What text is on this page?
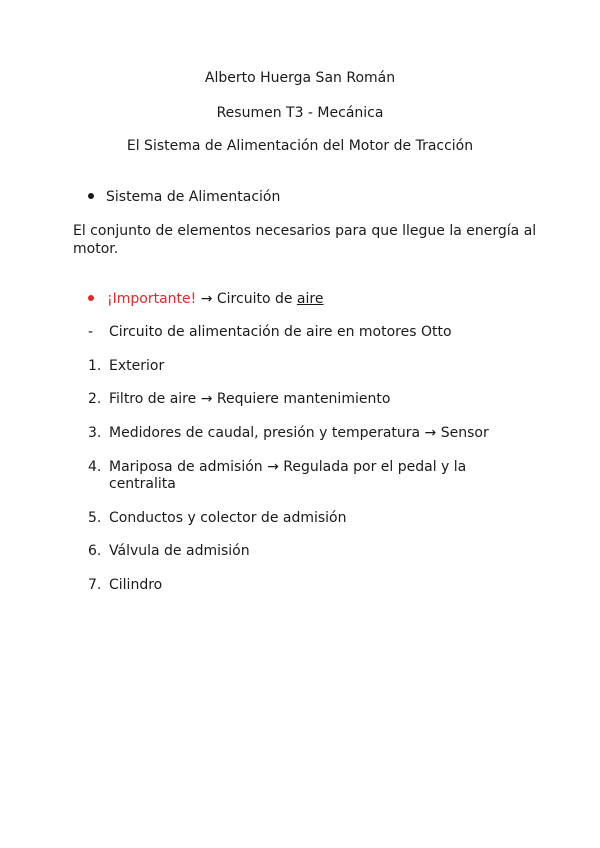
Alberto Huerga San Román
Resumen T3 - Mecánica
El Sistema de Alimentación del Motor de Tracción
Sistema de Alimentación
El conjunto de elementos necesarios para que llegue la energía al motor.
¡Importante! → Circuito de aire
- Circuito de alimentación de aire en motores Otto
1. Exterior
2. Filtro de aire → Requiere mantenimiento
3. Medidores de caudal, presión y temperatura → Sensor
4. Mariposa de admisión → Regulada por el pedal y la centralita
5. Conductos y colector de admisión
6. Válvula de admisión
7. Cilindro
